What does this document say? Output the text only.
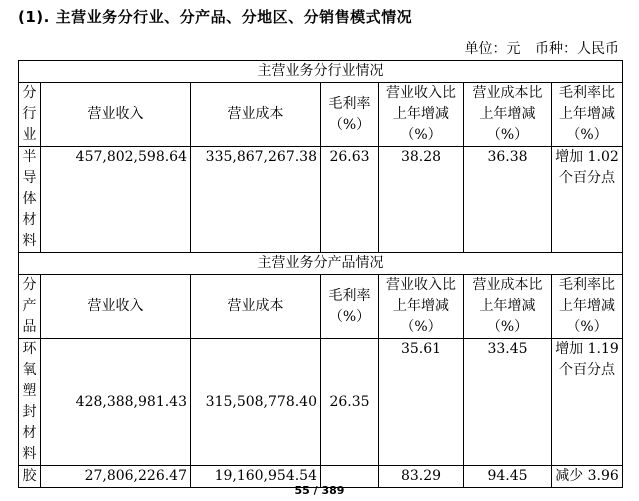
(1). 主营业务分行业、分产品、分地区、分销售模式情况
单位：元 币种：人民币
主营业务分行业情况						
分行业	营业收入	营业成本	毛利率（%）	营业收入比上年增减（%）	营业成本比上年增减（%）	毛利率比上年增减（%）
半导体材料	457,802,598.64	335,867,267.38	26.63	38.28	36.38	增加 1.02 个百分点
主营业务分产品情况						
分产品	营业收入	营业成本	毛利率（%）	营业收入比上年增减（%）	营业成本比上年增减（%）	毛利率比上年增减（%）
环氧塑封材料	428,388,981.43	315,508,778.40	26.35	35.61	33.45	增加 1.19 个百分点
胶	27,806,226.47	19,160,954.54		83.29	94.45	减少 3.96
55 / 389
